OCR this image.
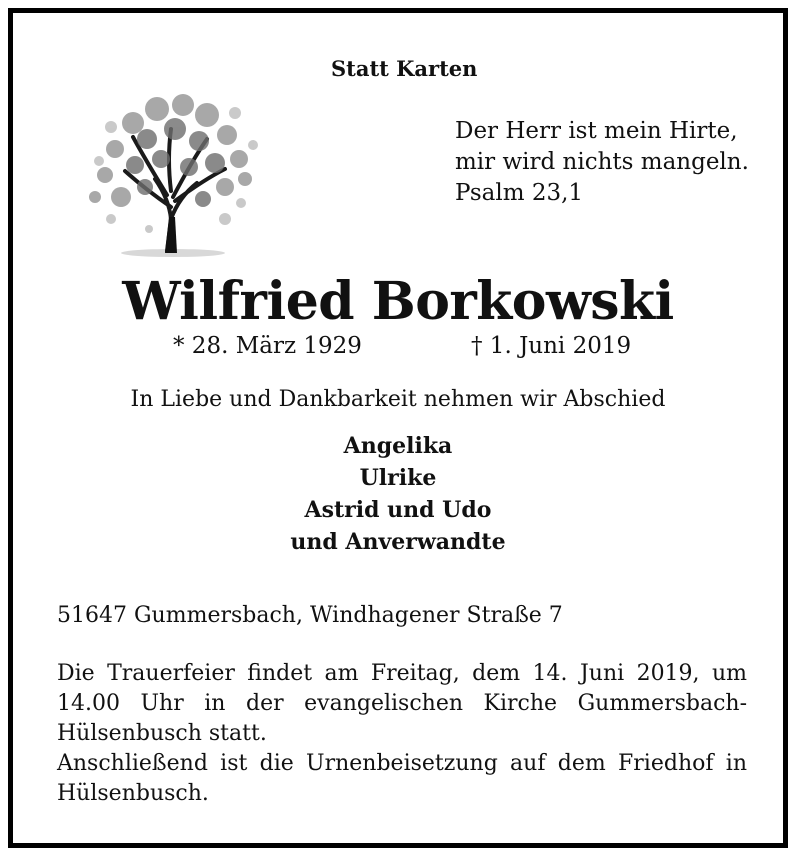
Statt Karten
Der Herr ist mein Hirte,
mir wird nichts mangeln.
Psalm 23,1
Wilfried Borkowski
* 28. März 1929	† 1. Juni 2019
In Liebe und Dankbarkeit nehmen wir Abschied
Angelika
Ulrike
Astrid und Udo
und Anverwandte
51647 Gummersbach, Windhagener Straße 7

Die Trauerfeier findet am Freitag, dem 14. Juni 2019, um

14.00 Uhr in der evangelischen Kirche Gummersbach-

Hülsenbusch statt.

Anschließend ist die Urnenbeisetzung auf dem Friedhof in

Hülsenbusch.
